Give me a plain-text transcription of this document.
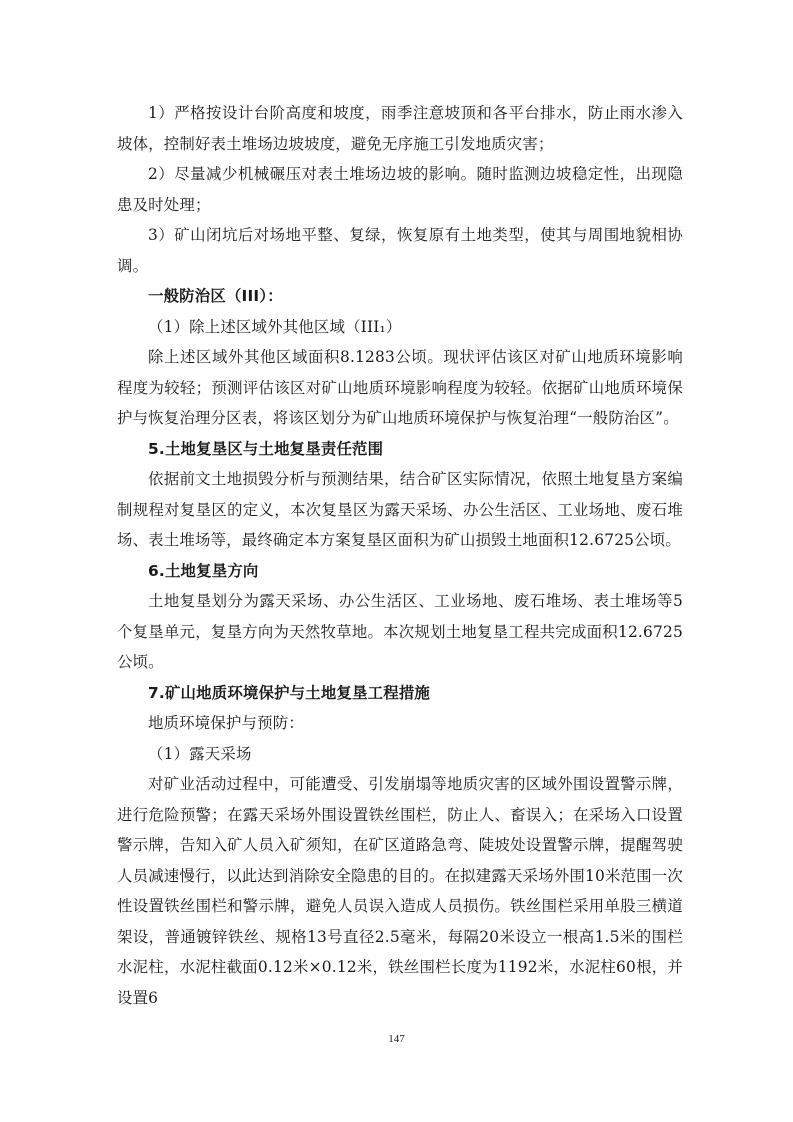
1）严格按设计台阶高度和坡度，雨季注意坡顶和各平台排水，防止雨水渗入坡体，控制好表土堆场边坡坡度，避免无序施工引发地质灾害；

2）尽量减少机械碾压对表土堆场边坡的影响。随时监测边坡稳定性，出现隐患及时处理；

3）矿山闭坑后对场地平整、复绿，恢复原有土地类型，使其与周围地貌相协调。

一般防治区（III）：

（1）除上述区域外其他区域（III₁）

除上述区域外其他区域面积8.1283公顷。现状评估该区对矿山地质环境影响程度为较轻；预测评估该区对矿山地质环境影响程度为较轻。依据矿山地质环境保护与恢复治理分区表，将该区划分为矿山地质环境保护与恢复治理“一般防治区”。

5.土地复垦区与土地复垦责任范围

依据前文土地损毁分析与预测结果，结合矿区实际情况，依照土地复垦方案编制规程对复垦区的定义，本次复垦区为露天采场、办公生活区、工业场地、废石堆场、表土堆场等，最终确定本方案复垦区面积为矿山损毁土地面积12.6725公顷。

6.土地复垦方向

土地复垦划分为露天采场、办公生活区、工业场地、废石堆场、表土堆场等5个复垦单元，复垦方向为天然牧草地。本次规划土地复垦工程共完成面积12.6725公顷。

7.矿山地质环境保护与土地复垦工程措施

地质环境保护与预防：

（1）露天采场

对矿业活动过程中，可能遭受、引发崩塌等地质灾害的区域外围设置警示牌，进行危险预警；在露天采场外围设置铁丝围栏，防止人、畜误入；在采场入口设置警示牌，告知入矿人员入矿须知，在矿区道路急弯、陡坡处设置警示牌，提醒驾驶人员减速慢行，以此达到消除安全隐患的目的。在拟建露天采场外围10米范围一次性设置铁丝围栏和警示牌，避免人员误入造成人员损伤。铁丝围栏采用单股三横道架设，普通镀锌铁丝、规格13号直径2.5毫米，每隔20米设立一根高1.5米的围栏水泥柱，水泥柱截面0.12米×0.12米，铁丝围栏长度为1192米，水泥柱60根，并设置6

147
